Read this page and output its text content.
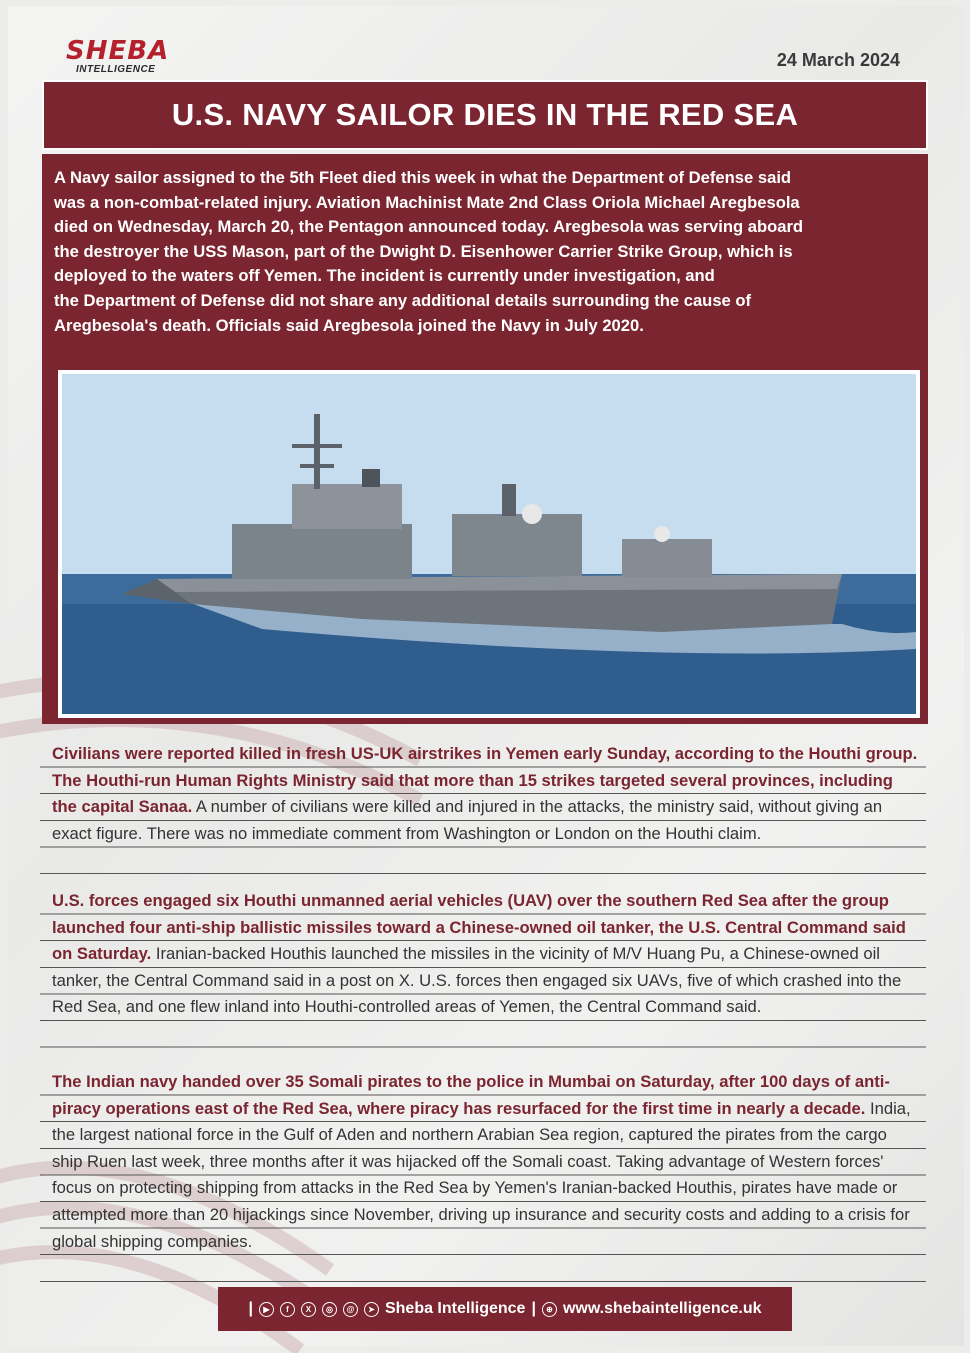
SHEBA
INTELLIGENCE	24 March 2024
U.S. NAVY SAILOR DIES IN THE RED SEA
A Navy sailor assigned to the 5th Fleet died this week in what the Department of Defense said
was a non-combat-related injury. Aviation Machinist Mate 2nd Class Oriola Michael Aregbesola
died on Wednesday, March 20, the Pentagon announced today. Aregbesola was serving aboard
the destroyer the USS Mason, part of the Dwight D. Eisenhower Carrier Strike Group, which is
deployed to the waters off Yemen. The incident is currently under investigation, and
the Department of Defense did not share any additional details surrounding the cause of
Aregbesola's death. Officials said Aregbesola joined the Navy in July 2020.
Civilians were reported killed in fresh US-UK airstrikes in Yemen early Sunday, according to the Houthi group. The Houthi-run Human Rights Ministry said that more than 15 strikes targeted several provinces, including the capital Sanaa. A number of civilians were killed and injured in the attacks, the ministry said, without giving an exact figure. There was no immediate comment from Washington or London on the Houthi claim.
U.S. forces engaged six Houthi unmanned aerial vehicles (UAV) over the southern Red Sea after the group launched four anti-ship ballistic missiles toward a Chinese-owned oil tanker, the U.S. Central Command said on Saturday. Iranian-backed Houthis launched the missiles in the vicinity of M/V Huang Pu, a Chinese-owned oil tanker, the Central Command said in a post on X. U.S. forces then engaged six UAVs, five of which crashed into the Red Sea, and one flew inland into Houthi-controlled areas of Yemen, the Central Command said.
The Indian navy handed over 35 Somali pirates to the police in Mumbai on Saturday, after 100 days of anti-piracy operations east of the Red Sea, where piracy has resurfaced for the first time in nearly a decade. India, the largest national force in the Gulf of Aden and northern Arabian Sea region, captured the pirates from the cargo ship Ruen last week, three months after it was hijacked off the Somali coast. Taking advantage of Western forces' focus on protecting shipping from attacks in the Red Sea by Yemen's Iranian-backed Houthis, pirates have made or attempted more than 20 hijackings since November, driving up insurance and security costs and adding to a crisis for global shipping companies.
|	▶	f	X	◎	@	➤ Sheba Intelligence |	⊕ www.shebaintelligence.uk
